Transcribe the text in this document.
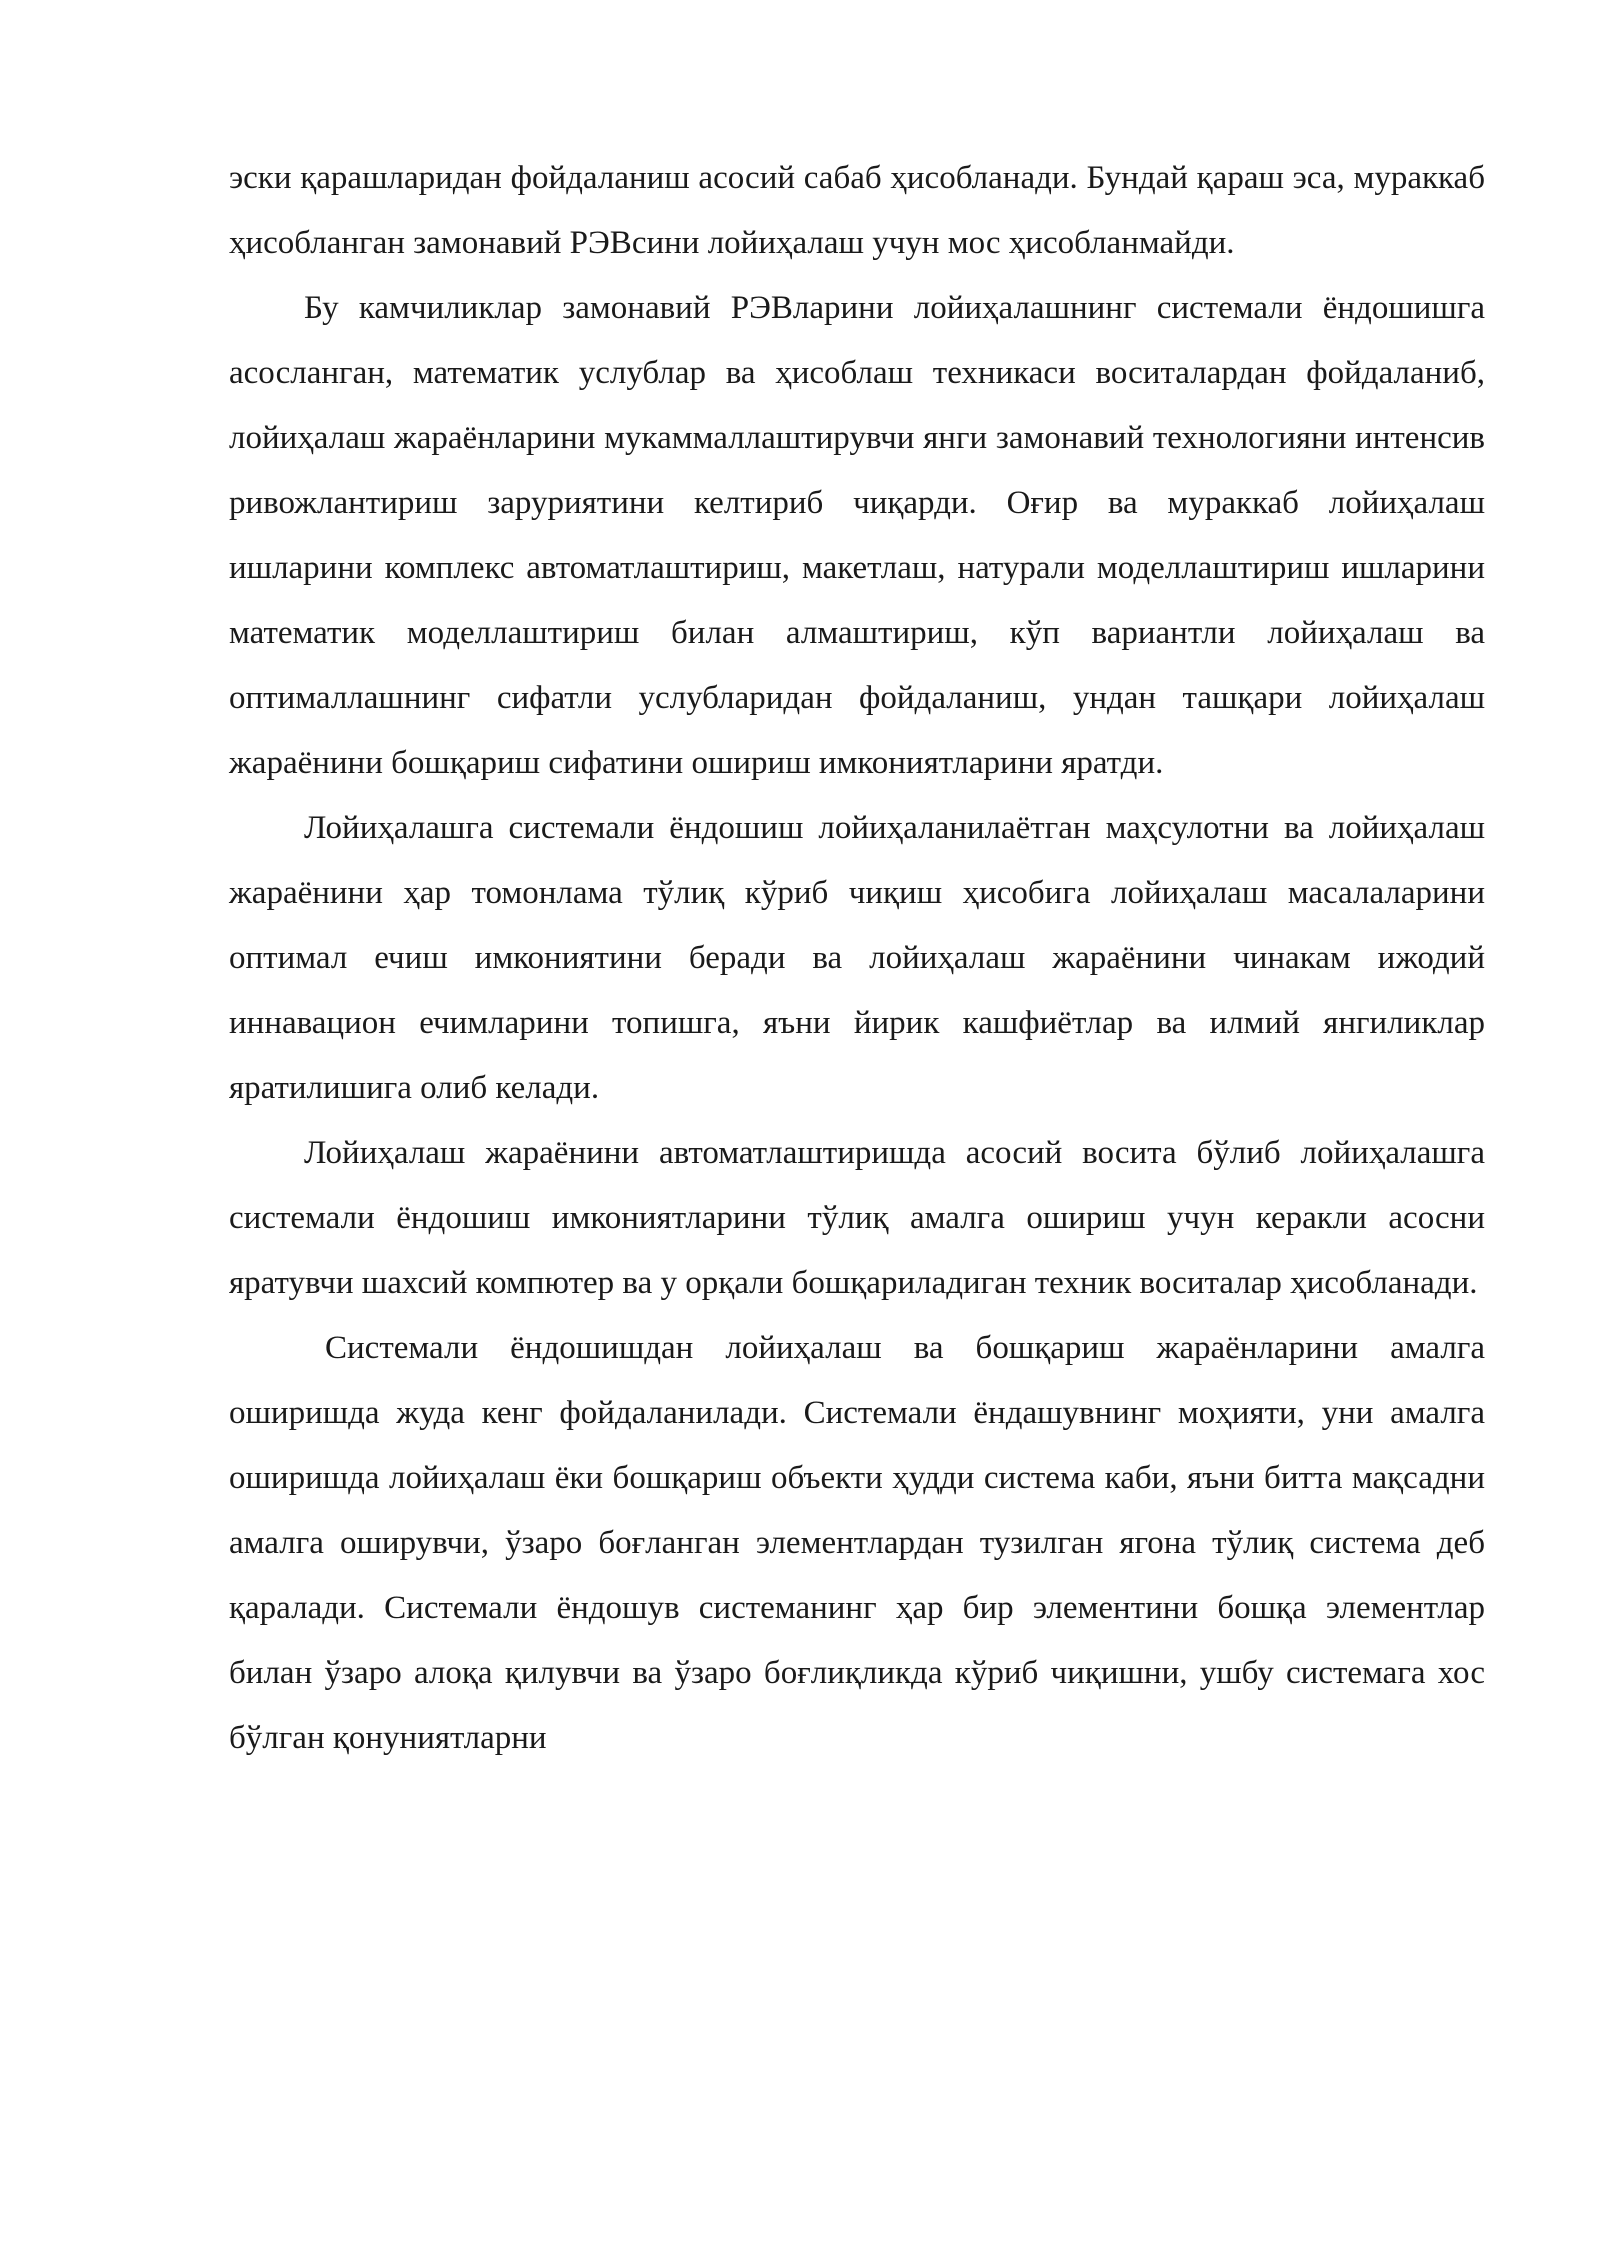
эски қарашларидан фойдаланиш асосий сабаб ҳисобланади. Бундай қараш эса, мураккаб ҳисобланган замонавий РЭВсини лойиҳалаш учун мос ҳисобланмайди.

Бу камчиликлар замонавий РЭВларини лойиҳалашнинг системали ёндошишга асосланган, математик услублар ва ҳисоблаш техникаси воситалардан фойдаланиб, лойиҳалаш жараёнларини мукаммаллаштирувчи янги замонавий технологияни интенсив ривожлантириш заруриятини келтириб чиқарди. Оғир ва мураккаб лойиҳалаш ишларини комплекс автоматлаштириш, макетлаш, натурали моделлаштириш ишларини математик моделлаштириш билан алмаштириш, кўп вариантли лойиҳалаш ва оптималлашнинг сифатли услубларидан фойдаланиш, ундан ташқари лойиҳалаш жараёнини бошқариш сифатини ошириш имкониятларини яратди.

Лойиҳалашга системали ёндошиш лойиҳаланилаётган маҳсулотни ва лойиҳалаш жараёнини ҳар томонлама тўлиқ кўриб чиқиш ҳисобига лойиҳалаш масалаларини оптимал ечиш имкониятини беради ва лойиҳалаш жараёнини чинакам ижодий иннавацион ечимларини топишга, яъни йирик кашфиётлар ва илмий янгиликлар яратилишига олиб келади.

Лойиҳалаш жараёнини автоматлаштиришда асосий восита бўлиб лойиҳалашга системали ёндошиш имкониятларини тўлиқ амалга ошириш учун керакли асосни яратувчи шахсий компютер ва у орқали бошқариладиган техник воситалар ҳисобланади.

Системали ёндошишдан лойиҳалаш ва бошқариш жараёнларини амалга оширишда жуда кенг фойдаланилади. Системали ёндашувнинг моҳияти, уни амалга оширишда лойиҳалаш ёки бошқариш объекти ҳудди система каби, яъни битта мақсадни амалга оширувчи, ўзаро боғланган элементлардан тузилган ягона тўлиқ система деб қаралади. Системали ёндошув системанинг ҳар бир элементини бошқа элементлар билан ўзаро алоқа қилувчи ва ўзаро боғлиқликда кўриб чиқишни, ушбу системага хос бўлган қонуниятларни
